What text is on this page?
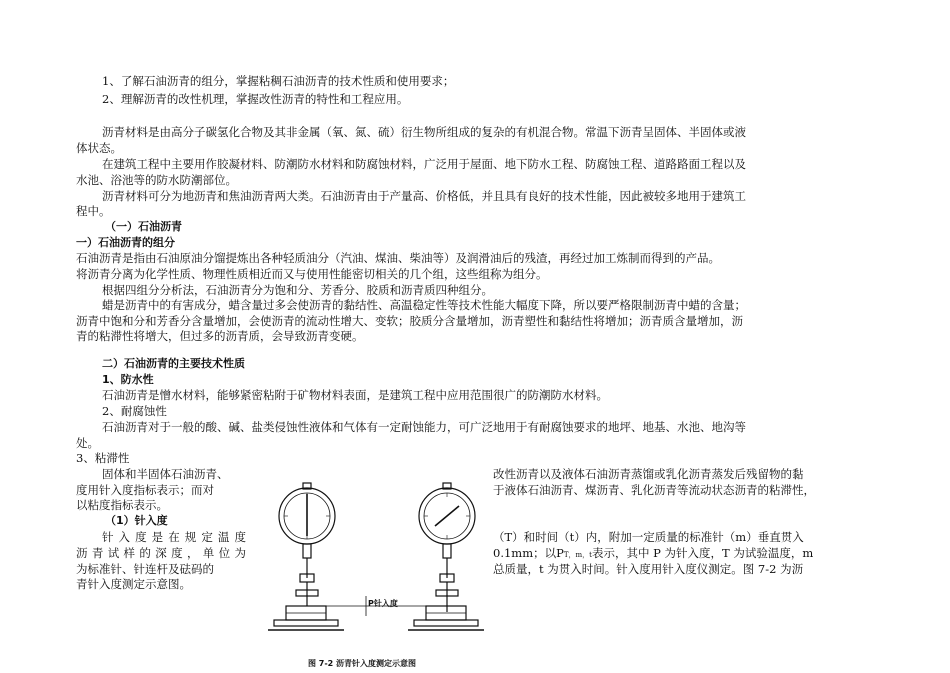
1、了解石油沥青的组分，掌握粘稠石油沥青的技术性质和使用要求；
2、理解沥青的改性机理，掌握改性沥青的特性和工程应用。
沥青材料是由高分子碳氢化合物及其非金属（氧、氮、硫）衍生物所组成的复杂的有机混合物。常温下沥青呈固体、半固体或液
体状态。
在建筑工程中主要用作胶凝材料、防潮防水材料和防腐蚀材料，广泛用于屋面、地下防水工程、防腐蚀工程、道路路面工程以及
水池、浴池等的防水防潮部位。
沥青材料可分为地沥青和焦油沥青两大类。石油沥青由于产量高、价格低，并且具有良好的技术性能，因此被较多地用于建筑工
程中。
（一）石油沥青
一）石油沥青的组分
石油沥青是指由石油原油分馏提炼出各种轻质油分（汽油、煤油、柴油等）及润滑油后的残渣，再经过加工炼制而得到的产品。
将沥青分离为化学性质、物理性质相近而又与使用性能密切相关的几个组，这些组称为组分。
根据四组分分析法，石油沥青分为饱和分、芳香分、胶质和沥青质四种组分。
蜡是沥青中的有害成分，蜡含量过多会使沥青的黏结性、高温稳定性等技术性能大幅度下降，所以要严格限制沥青中蜡的含量；
沥青中饱和分和芳香分含量增加，会使沥青的流动性增大、变软；胶质分含量增加，沥青塑性和黏结性将增加；沥青质含量增加，沥
青的粘滞性将增大，但过多的沥青质，会导致沥青变硬。
二）石油沥青的主要技术性质
1、防水性
石油沥青是憎水材料，能够紧密粘附于矿物材料表面，是建筑工程中应用范围很广的防潮防水材料。
2、耐腐蚀性
石油沥青对于一般的酸、碱、盐类侵蚀性液体和气体有一定耐蚀能力，可广泛地用于有耐腐蚀要求的地坪、地基、水池、地沟等
处。
3、粘滞性
固体和半固体石油沥青、
度用针入度指标表示；而对
以粘度指标表示。
改性沥青以及液体石油沥青蒸馏或乳化沥青蒸发后残留物的黏
于液体石油沥青、煤沥青、乳化沥青等流动状态沥青的粘滞性，
（1）针入度
针入度是在规定温度
沥青试样的深度，单位为
为标准针、针连杆及砝码的
青针入度测定示意图。
（T）和时间（t）内，附加一定质量的标准针（m）垂直贯入
0.1mm；以PT，m，t表示，其中 P 为针入度，T 为试验温度，m
总质量，t 为贯入时间。针入度用针入度仪测定。图 7-2 为沥
P针入度
图 7-2 沥青针入度测定示意图
